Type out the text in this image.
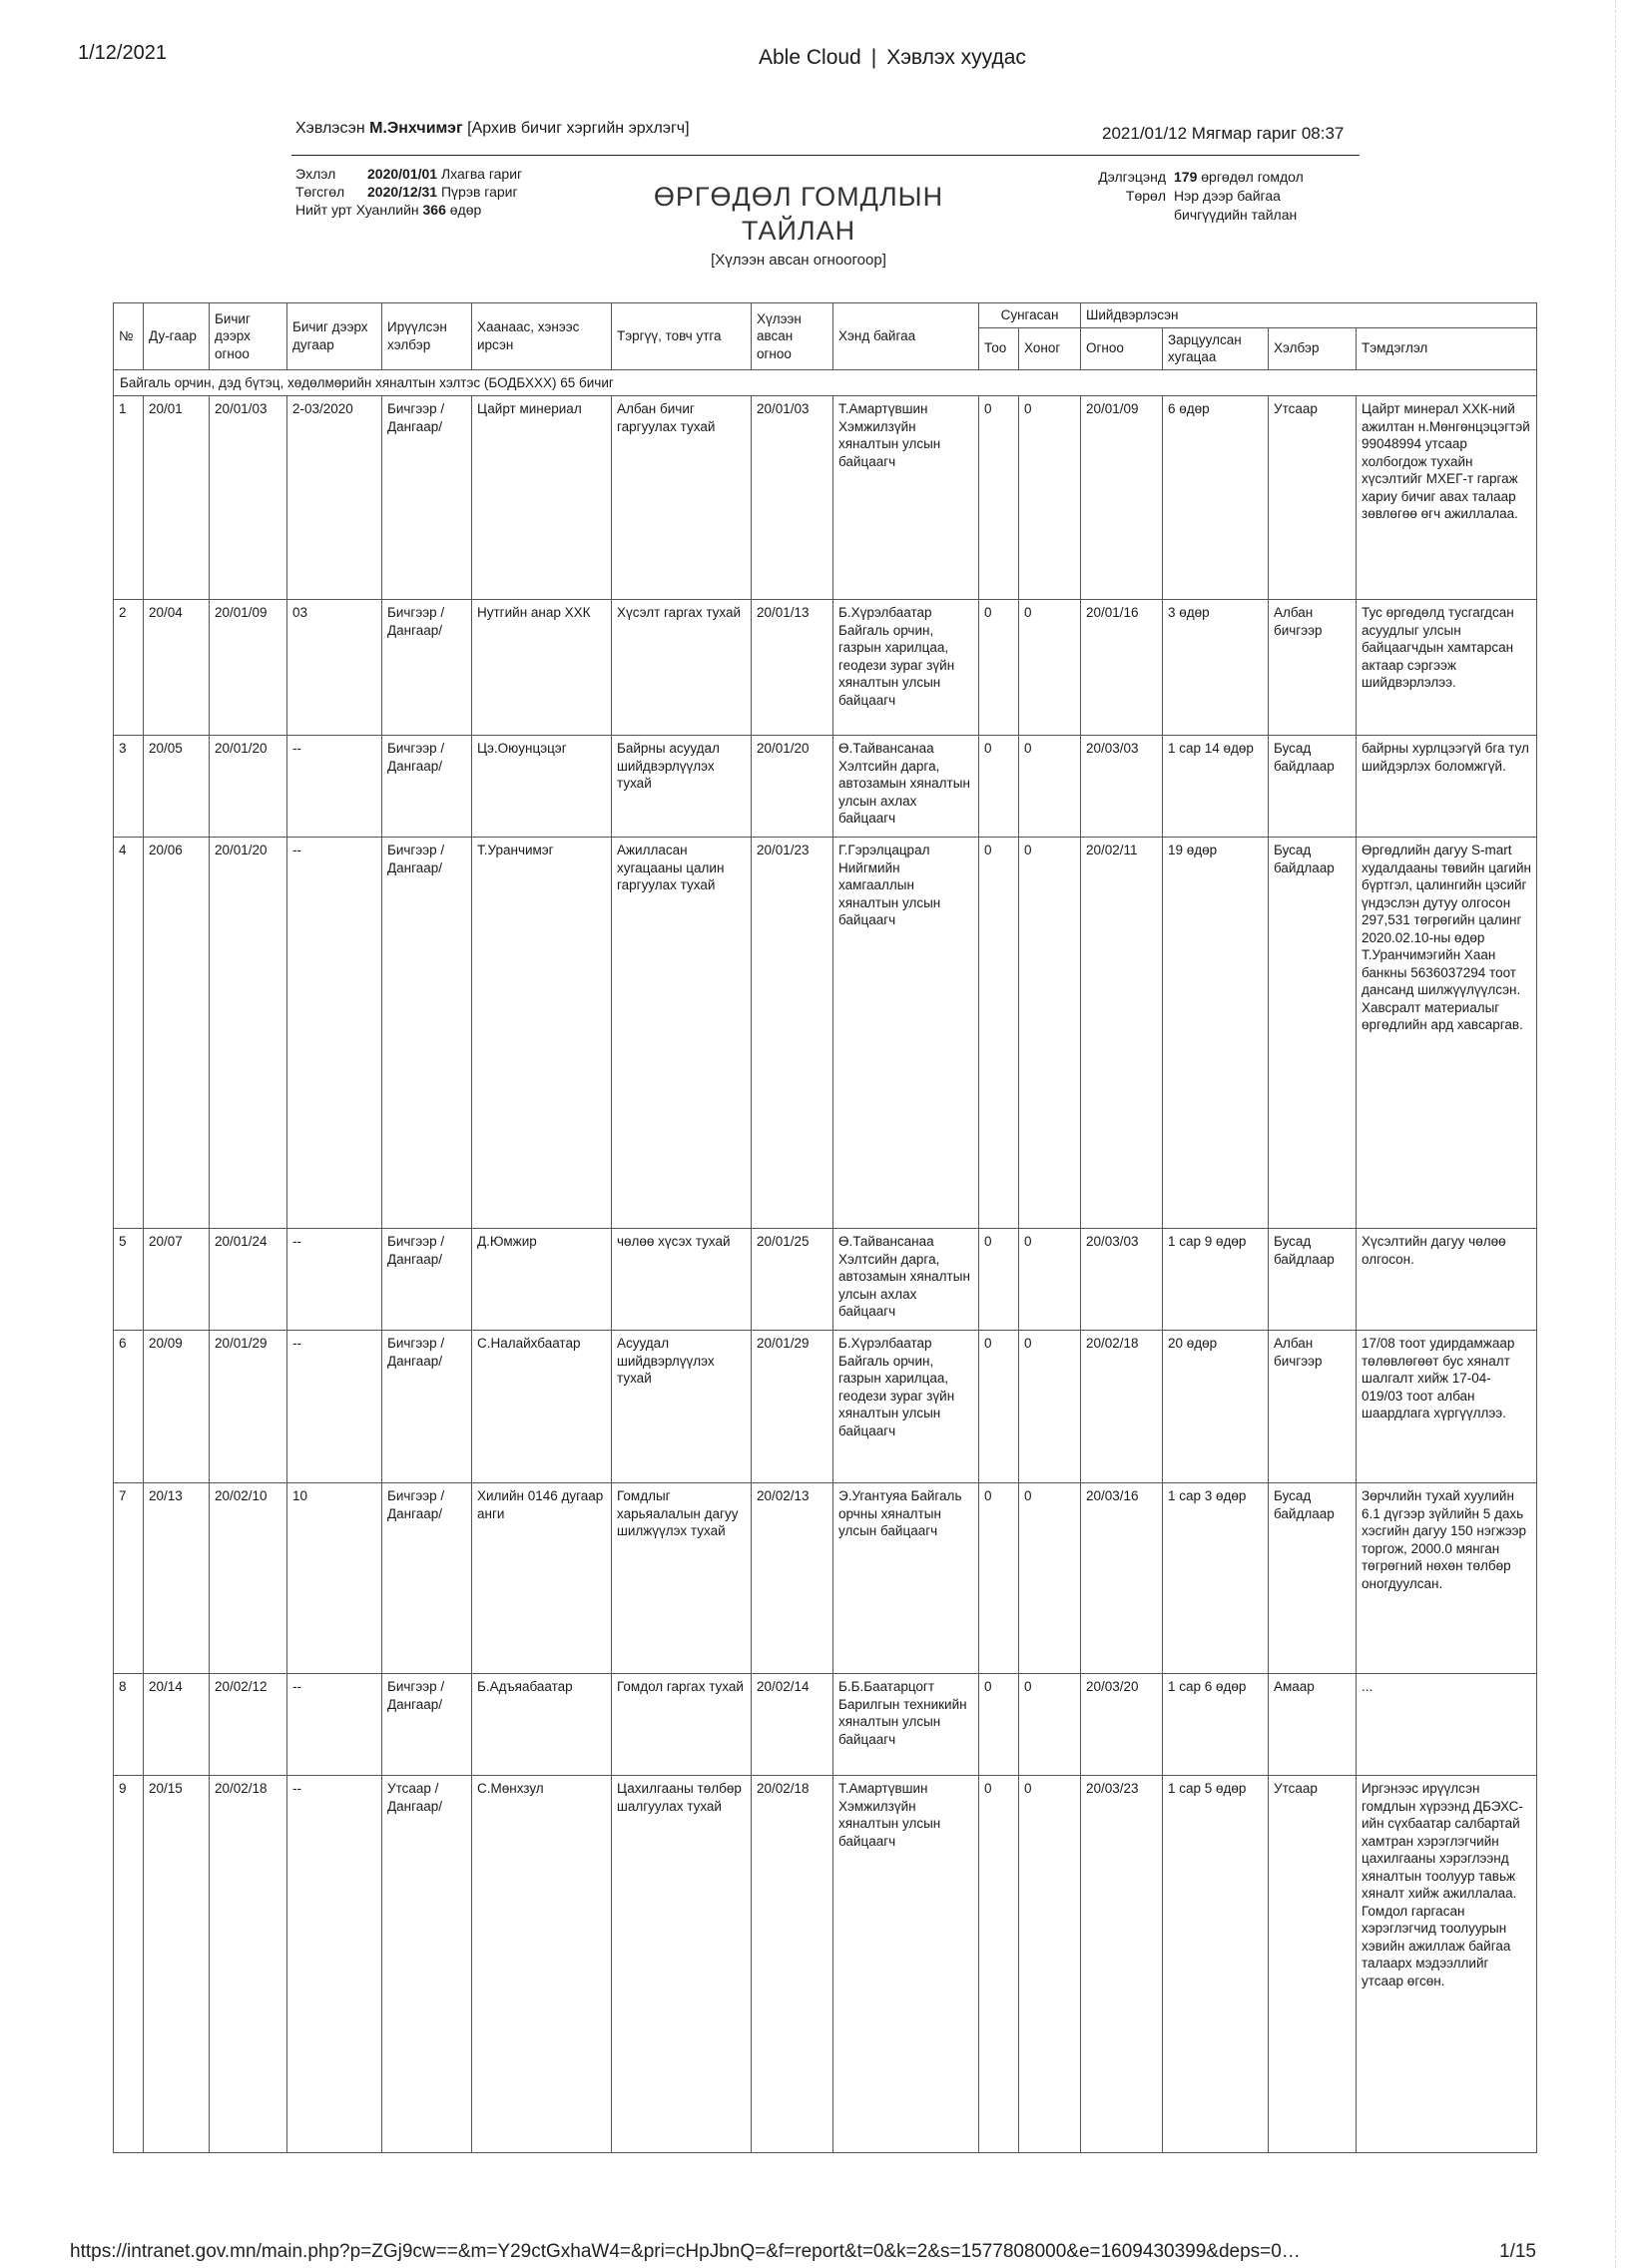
1/12/2021	Able Cloud | Хэвлэх хуудас
Хэвлэсэн М.Энхчимэг [Архив бичиг хэргийн эрхлэгч]	2021/01/12 Мягмар гариг 08:37
Эхлэл 2020/01/01 Лхагва гариг
Төгсгөл 2020/12/31 Пүрэв гариг
Нийт урт Хуанлийн 366 өдөр	ӨРГӨДӨЛ ГОМДЛЫН
ТАЙЛАН
[Хүлээн авсан огноогоор]
Дэлгэцэнд 179 өргөдөл гомдол
Төрөл Нэр дээр байгаа
бичгүүдийн тайлан
№	Ду-гаар	Бичиг дээрх огноо	Бичиг дээрх дугаар	Ирүүлсэн хэлбэр	Хаанаас, хэнээс ирсэн	Тэргүү, товч утга	Хүлээн авсан огноо	Хэнд байгаа	Сунгасан		Шийдвэрлэсэн			
									Тоо	Хоног	Огноо	Зарцуулсан хугацаа	Хэлбэр	Тэмдэглэл
Байгаль орчин, дэд бүтэц, хөдөлмөрийн хяналтын хэлтэс (БОДБХХХ) 65 бичиг														
1	20/01	20/01/03	2-03/2020	Бичгээр / Дангаар/	Цайрт минериал	Албан бичиг гаргуулах тухай	20/01/03	Т.Амартүвшин Хэмжилзүйн хяналтын улсын байцаагч	0	0	20/01/09	6 өдөр	Утсаар	Цайрт минерал ХХК-ний ажилтан н.Мөнгөнцэцэгтэй 99048994 утсаар холбогдож тухайн хүсэлтийг МХЕГ-т гаргаж хариу бичиг авах талаар зөвлөгөө өгч ажиллалаа.
2	20/04	20/01/09	03	Бичгээр / Дангаар/	Нутгийн анар ХХК	Хүсэлт гаргах тухай	20/01/13	Б.Хүрэлбаатар Байгаль орчин, газрын харилцаа, геодези зураг зүйн хяналтын улсын байцаагч	0	0	20/01/16	3 өдөр	Албан бичгээр	Тус өргөдөлд тусгагдсан асуудлыг улсын байцаагчдын хамтарсан актаар сэргээж шийдвэрлэлээ.
3	20/05	20/01/20	--	Бичгээр / Дангаар/	Цэ.Оюунцэцэг	Байрны асуудал шийдвэрлүүлэх тухай	20/01/20	Ө.Тайвансанаа Хэлтсийн дарга, автозамын хяналтын улсын ахлах байцаагч	0	0	20/03/03	1 сар 14 өдөр	Бусад байдлаар	байрны хурлцээгүй бга тул шийдэрлэх боломжгүй.
4	20/06	20/01/20	--	Бичгээр / Дангаар/	Т.Уранчимэг	Ажилласан хугацааны цалин гаргуулах тухай	20/01/23	Г.Гэрэлцацрал Нийгмийн хамгааллын хяналтын улсын байцаагч	0	0	20/02/11	19 өдөр	Бусад байдлаар	Өргөдлийн дагуу S-mart худалдааны төвийн цагийн бүртгэл, цалингийн цэсийг үндэслэн дутуу олгосон 297,531 төгрөгийн цалинг 2020.02.10-ны өдөр Т.Уранчимэгийн Хаан банкны 5636037294 тоот дансанд шилжүүлүүлсэн. Хавсралт материалыг өргөдлийн ард хавсаргав.
5	20/07	20/01/24	--	Бичгээр / Дангаар/	Д.Юмжир	чөлөө хүсэх тухай	20/01/25	Ө.Тайвансанаа Хэлтсийн дарга, автозамын хяналтын улсын ахлах байцаагч	0	0	20/03/03	1 сар 9 өдөр	Бусад байдлаар	Хүсэлтийн дагуу чөлөө олгосон.
6	20/09	20/01/29	--	Бичгээр / Дангаар/	С.Налайхбаатар	Асуудал шийдвэрлүүлэх тухай	20/01/29	Б.Хүрэлбаатар Байгаль орчин, газрын харилцаа, геодези зураг зүйн хяналтын улсын байцаагч	0	0	20/02/18	20 өдөр	Албан бичгээр	17/08 тоот удирдамжаар төлөвлөгөөт бус хяналт шалгалт хийж 17-04-019/03 тоот албан шаардлага хүргүүллээ.
7	20/13	20/02/10	10	Бичгээр / Дангаар/	Хилийн 0146 дугаар анги	Гомдлыг харьяалалын дагуу шилжүүлэх тухай	20/02/13	Э.Угантуяа Байгаль орчны хяналтын улсын байцаагч	0	0	20/03/16	1 сар 3 өдөр	Бусад байдлаар	Зөрчлийн тухай хуулийн 6.1 дүгээр зүйлийн 5 дахь хэсгийн дагуу 150 нэгжээр торгож, 2000.0 мянган төгрөгний нөхөн төлбөр оногдуулсан.
8	20/14	20/02/12	--	Бичгээр / Дангаар/	Б.Адъяабаатар	Гомдол гаргах тухай	20/02/14	Б.Б.Баатарцогт Барилгын техникийн хяналтын улсын байцаагч	0	0	20/03/20	1 сар 6 өдөр	Амаар	...
9	20/15	20/02/18	--	Утсаар / Дангаар/	С.Мөнхзул	Цахилгааны төлбөр шалгуулах тухай	20/02/18	Т.Амартүвшин Хэмжилзүйн хяналтын улсын байцаагч	0	0	20/03/23	1 сар 5 өдөр	Утсаар	Иргэнээс ирүүлсэн гомдлын хүрээнд ДБЭХС-ийн сүхбаатар салбартай хамтран хэрэглэгчийн цахилгааны хэрэглээнд хяналтын тоолуур тавьж хяналт хийж ажиллалаа. Гомдол гаргасан хэрэглэгчид тоолуурын хэвийн ажиллаж байгаа талаарх мэдээллийг утсаар өгсөн.
https://intranet.gov.mn/main.php?p=ZGj9cw==&m=Y29ctGxhaW4=&pri=cHpJbnQ=&f=report&t=0&k=2&s=1577808000&e=1609430399&deps=0…	1/15
